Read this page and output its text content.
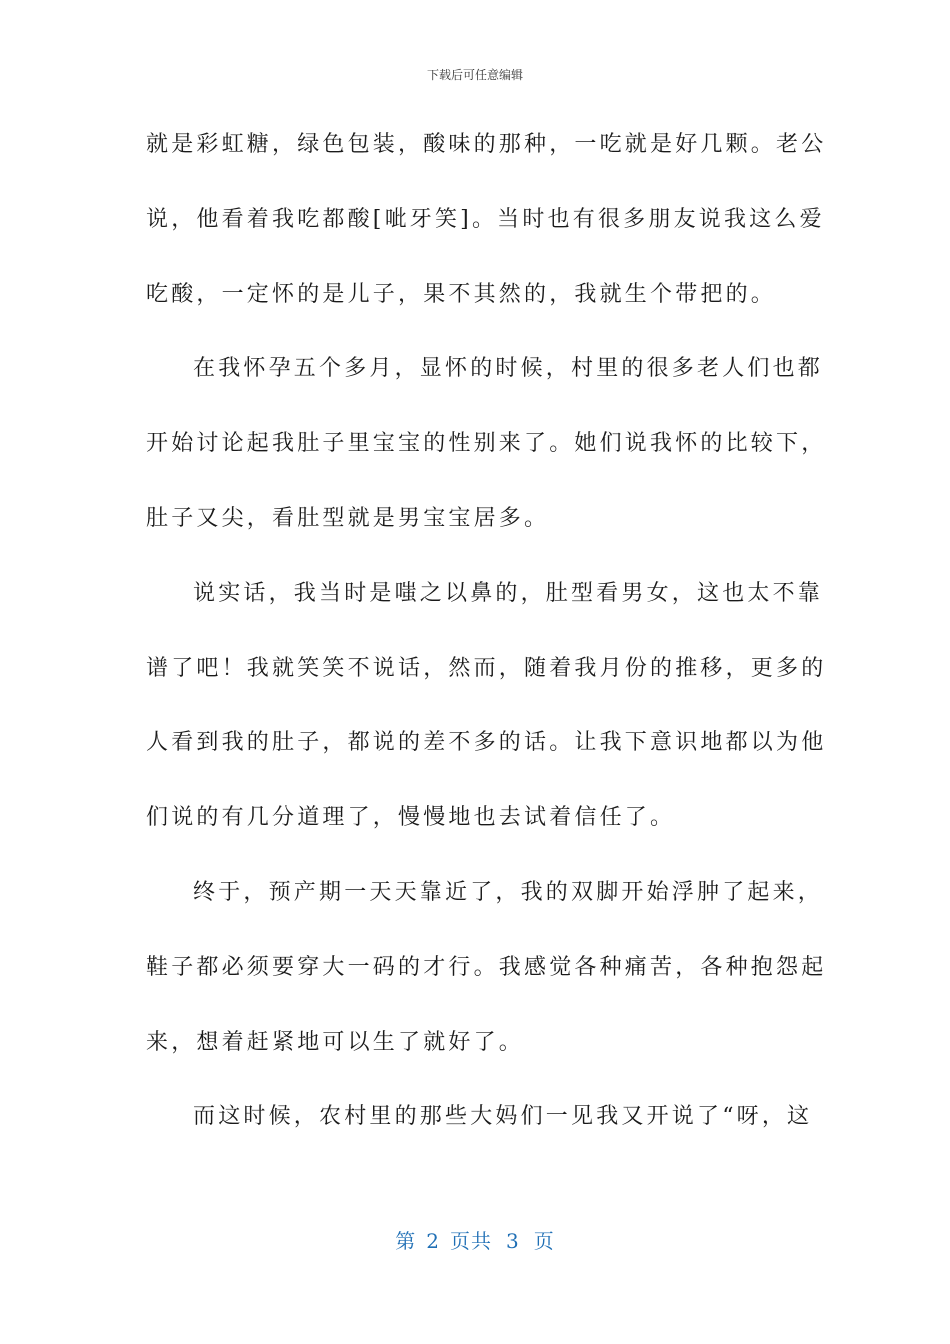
下载后可任意编辑
就是彩虹糖，绿色包装，酸味的那种，一吃就是好几颗。老公
说，他看着我吃都酸[呲牙笑]。当时也有很多朋友说我这么爱
吃酸，一定怀的是儿子，果不其然的，我就生个带把的。
在我怀孕五个多月，显怀的时候，村里的很多老人们也都
开始讨论起我肚子里宝宝的性别来了。她们说我怀的比较下，
肚子又尖，看肚型就是男宝宝居多。
说实话，我当时是嗤之以鼻的，肚型看男女，这也太不靠
谱了吧！我就笑笑不说话，然而，随着我月份的推移，更多的
人看到我的肚子，都说的差不多的话。让我下意识地都以为他
们说的有几分道理了，慢慢地也去试着信任了。
终于，预产期一天天靠近了，我的双脚开始浮肿了起来，
鞋子都必须要穿大一码的才行。我感觉各种痛苦，各种抱怨起
来，想着赶紧地可以生了就好了。
而这时候，农村里的那些大妈们一见我又开说了“呀，这
第 2 页共 3 页
